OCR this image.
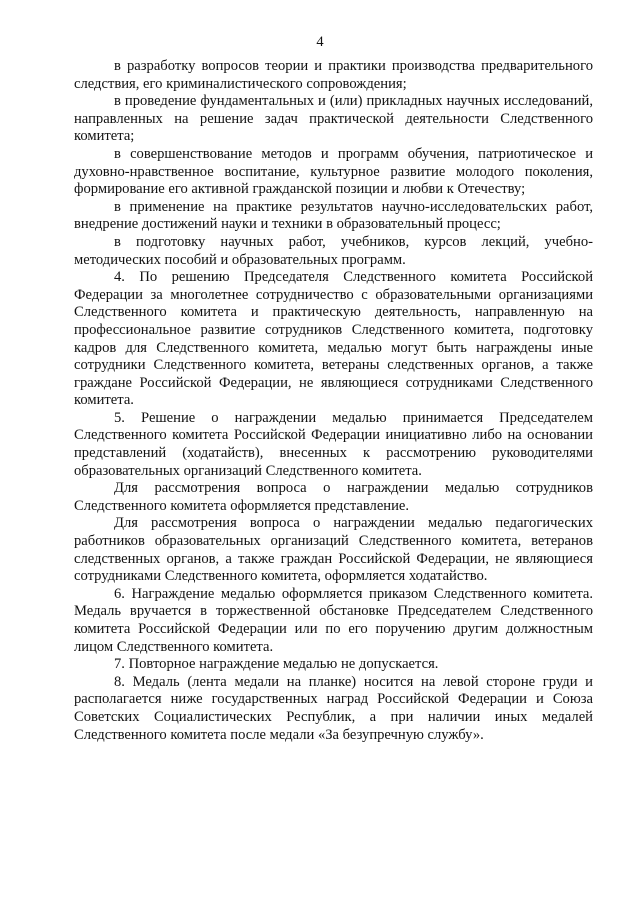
4

в разработку вопросов теории и практики производства предварительного следствия, его криминалистического сопровождения;

в проведение фундаментальных и (или) прикладных научных исследований, направленных на решение задач практической деятельности Следственного комитета;

в совершенствование методов и программ обучения, патриотическое и духовно-нравственное воспитание, культурное развитие молодого поколения, формирование его активной гражданской позиции и любви к Отечеству;

в применение на практике результатов научно-исследовательских работ, внедрение достижений науки и техники в образовательный процесс;

в подготовку научных работ, учебников, курсов лекций, учебно-методических пособий и образовательных программ.

4. По решению Председателя Следственного комитета Российской Федерации за многолетнее сотрудничество с образовательными организациями Следственного комитета и практическую деятельность, направленную на профессиональное развитие сотрудников Следственного комитета, подготовку кадров для Следственного комитета, медалью могут быть награждены иные сотрудники Следственного комитета, ветераны следственных органов, а также граждане Российской Федерации, не являющиеся сотрудниками Следственного комитета.

5. Решение о награждении медалью принимается Председателем Следственного комитета Российской Федерации инициативно либо на основании представлений (ходатайств), внесенных к рассмотрению руководителями образовательных организаций Следственного комитета.

Для рассмотрения вопроса о награждении медалью сотрудников Следственного комитета оформляется представление.

Для рассмотрения вопроса о награждении медалью педагогических работников образовательных организаций Следственного комитета, ветеранов следственных органов, а также граждан Российской Федерации, не являющиеся сотрудниками Следственного комитета, оформляется ходатайство.

6. Награждение медалью оформляется приказом Следственного комитета. Медаль вручается в торжественной обстановке Председателем Следственного комитета Российской Федерации или по его поручению другим должностным лицом Следственного комитета.

7. Повторное награждение медалью не допускается.

8. Медаль (лента медали на планке) носится на левой стороне груди и располагается ниже государственных наград Российской Федерации и Союза Советских Социалистических Республик, а при наличии иных медалей Следственного комитета после медали «За безупречную службу».
